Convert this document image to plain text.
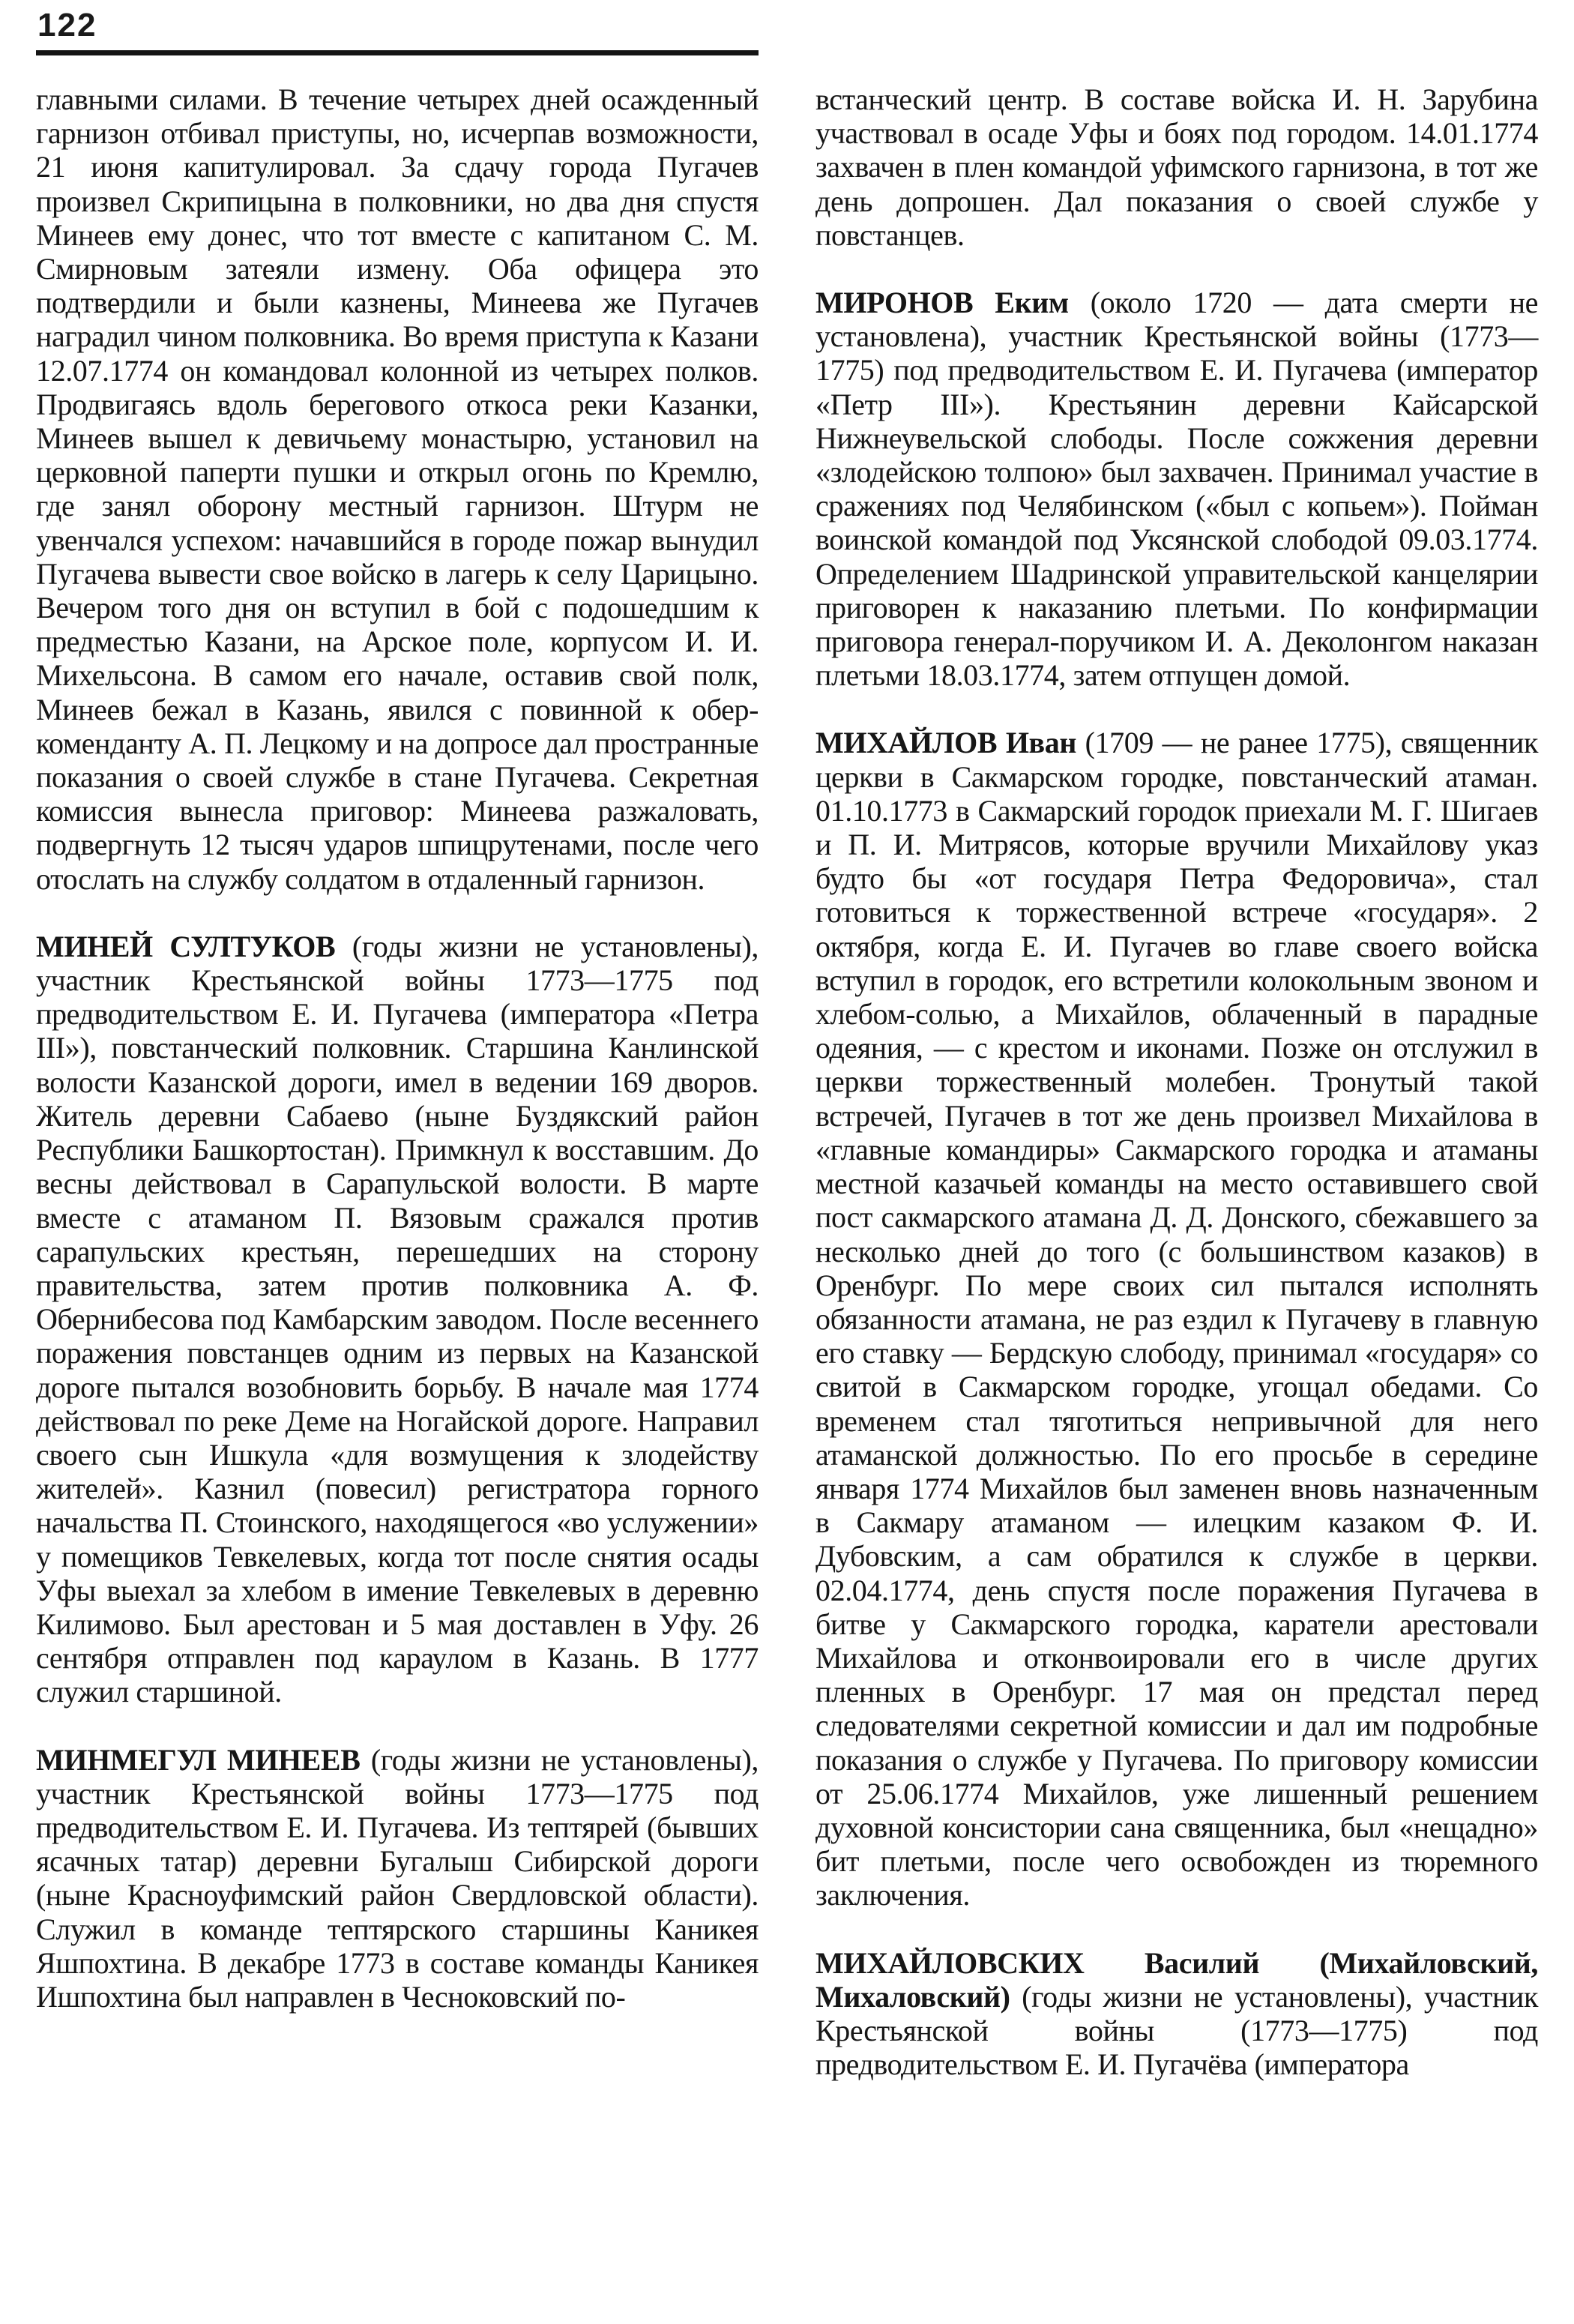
122

главными силами. В течение четырех дней осажденный гарнизон отбивал приступы, но, исчерпав возможности, 21 июня капитулировал. За сдачу города Пугачев произвел Скрипицына в полковники, но два дня спустя Минеев ему донес, что тот вместе с капитаном С. М. Смирновым затеяли измену. Оба офицера это подтвердили и были казнены, Минеева же Пугачев наградил чином полковника. Во время приступа к Казани 12.07.1774 он командовал колонной из четырех полков. Продвигаясь вдоль берегового откоса реки Казанки, Минеев вышел к девичьему монастырю, установил на церковной паперти пушки и открыл огонь по Кремлю, где занял оборону местный гарнизон. Штурм не увенчался успехом: начавшийся в городе пожар вынудил Пугачева вывести свое войско в лагерь к селу Царицыно. Вечером того дня он вступил в бой с подошедшим к предместью Казани, на Арское поле, корпусом И. И. Михельсона. В самом его начале, оставив свой полк, Минеев бежал в Казань, явился с повинной к обер-коменданту А. П. Лецкому и на допросе дал пространные показания о своей службе в стане Пугачева. Секретная комиссия вынесла приговор: Минеева разжаловать, подвергнуть 12 тысяч ударов шпицрутенами, после чего отослать на службу солдатом в отдаленный гарнизон.

МИНЕЙ СУЛТУКОВ (годы жизни не установлены), участник Крестьянской войны 1773—1775 под предводительством Е. И. Пугачева (императора «Петра III»), повстанческий полковник. Старшина Канлинской волости Казанской дороги, имел в ведении 169 дворов. Житель деревни Сабаево (ныне Буздякский район Республики Башкортостан). Примкнул к восставшим. До весны действовал в Сарапульской волости. В марте вместе с атаманом П. Вязовым сражался против сарапульских крестьян, перешедших на сторону правительства, затем против полковника А. Ф. Обернибесова под Камбарским заводом. После весеннего поражения повстанцев одним из первых на Казанской дороге пытался возобновить борьбу. В начале мая 1774 действовал по реке Деме на Ногайской дороге. Направил своего сын Ишкула «для возмущения к злодейству жителей». Казнил (повесил) регистратора горного начальства П. Стоинского, находящегося «во услужении» у помещиков Тевкелевых, когда тот после снятия осады Уфы выехал за хлебом в имение Тевкелевых в деревню Килимово. Был арестован и 5 мая доставлен в Уфу. 26 сентября отправлен под караулом в Казань. В 1777 служил старшиной.

МИНМЕГУЛ МИНЕЕВ (годы жизни не установлены), участник Крестьянской войны 1773—1775 под предводительством Е. И. Пугачева. Из тептярей (бывших ясачных татар) деревни Бугалыш Сибирской дороги (ныне Красноуфимский район Свердловской области). Служил в команде тептярского старшины Каникея Яшпохтина. В декабре 1773 в составе команды Каникея Ишпохтина был направлен в Чесноковский по-

встанческий центр. В составе войска И. Н. Зарубина участвовал в осаде Уфы и боях под городом. 14.01.1774 захвачен в плен командой уфимского гарнизона, в тот же день допрошен. Дал показания о своей службе у повстанцев.

МИРОНОВ Еким (около 1720 — дата смерти не установлена), участник Крестьянской войны (1773—1775) под предводительством Е. И. Пугачева (император «Петр III»). Крестьянин деревни Кайсарской Нижнеувельской слободы. После сожжения деревни «злодейскою толпою» был захвачен. Принимал участие в сражениях под Челябинском («был с копьем»). Пойман воинской командой под Уксянской слободой 09.03.1774. Определением Шадринской управительской канцелярии приговорен к наказанию плетьми. По конфирмации приговора генерал-поручиком И. А. Деколонгом наказан плетьми 18.03.1774, затем отпущен домой.

МИХАЙЛОВ Иван (1709 — не ранее 1775), священник церкви в Сакмарском городке, повстанческий атаман. 01.10.1773 в Сакмарский городок приехали М. Г. Шигаев и П. И. Митрясов, которые вручили Михайлову указ будто бы «от государя Петра Федоровича», стал готовиться к торжественной встрече «государя». 2 октября, когда Е. И. Пугачев во главе своего войска вступил в городок, его встретили колокольным звоном и хлебом-солью, а Михайлов, облаченный в парадные одеяния, — с крестом и иконами. Позже он отслужил в церкви торжественный молебен. Тронутый такой встречей, Пугачев в тот же день произвел Михайлова в «главные командиры» Сакмарского городка и атаманы местной казачьей команды на место оставившего свой пост сакмарского атамана Д. Д. Донского, сбежавшего за несколько дней до того (с большинством казаков) в Оренбург. По мере своих сил пытался исполнять обязанности атамана, не раз ездил к Пугачеву в главную его ставку — Бердскую слободу, принимал «государя» со свитой в Сакмарском городке, угощал обедами. Со временем стал тяготиться непривычной для него атаманской должностью. По его просьбе в середине января 1774 Михайлов был заменен вновь назначенным в Сакмару атаманом — илецким казаком Ф. И. Дубовским, а сам обратился к службе в церкви. 02.04.1774, день спустя после поражения Пугачева в битве у Сакмарского городка, каратели арестовали Михайлова и отконвоировали его в числе других пленных в Оренбург. 17 мая он предстал перед следователями секретной комиссии и дал им подробные показания о службе у Пугачева. По приговору комиссии от 25.06.1774 Михайлов, уже лишенный решением духовной консистории сана священника, был «нещадно» бит плетьми, после чего освобожден из тюремного заключения.

МИХАЙЛОВСКИХ Василий (Михайловский, Михаловский) (годы жизни не установлены), участник Крестьянской войны (1773—1775) под предводительством Е. И. Пугачёва (императора
